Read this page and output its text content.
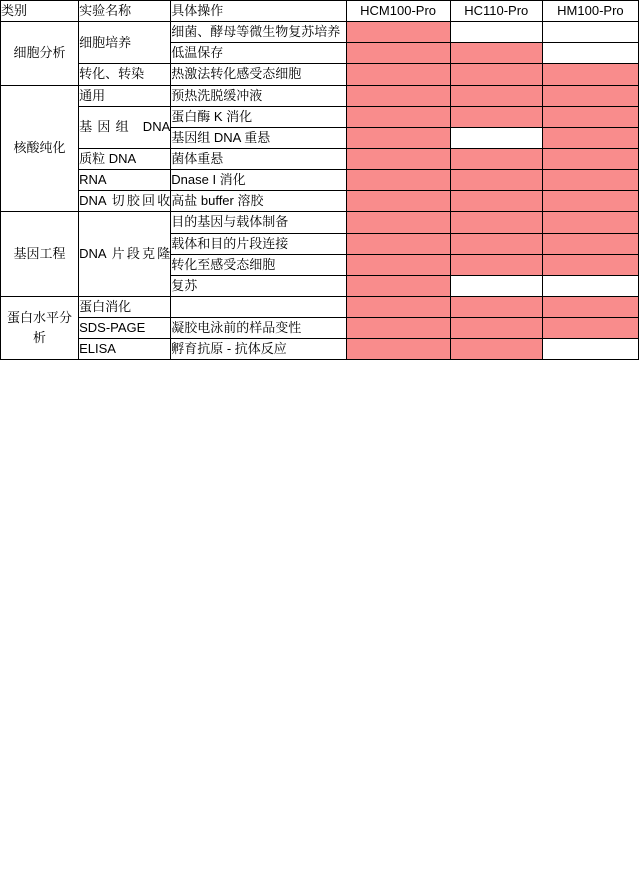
类别	实验名称	具体操作	HCM100-Pro	HC110-Pro	HM100-Pro
细胞分析	细胞培养	细菌、酵母等微生物复苏培养			
		低温保存			
	转化、转染	热激法转化感受态细胞			
核酸纯化	通用	预热洗脱缓冲液			
	基因组 DNA	蛋白酶 K 消化			
		基因组 DNA 重悬			
	质粒 DNA	菌体重悬			
	RNA	Dnase I 消化			
	DNA 切胶回收	高盐 buffer 溶胶			
基因工程	DNA 片段克隆	目的基因与载体制备			
		载体和目的片段连接			
		转化至感受态细胞			
		复苏			
蛋白水平分析	蛋白消化				
	SDS-PAGE	凝胶电泳前的样品变性			
	ELISA	孵育抗原 - 抗体反应			
